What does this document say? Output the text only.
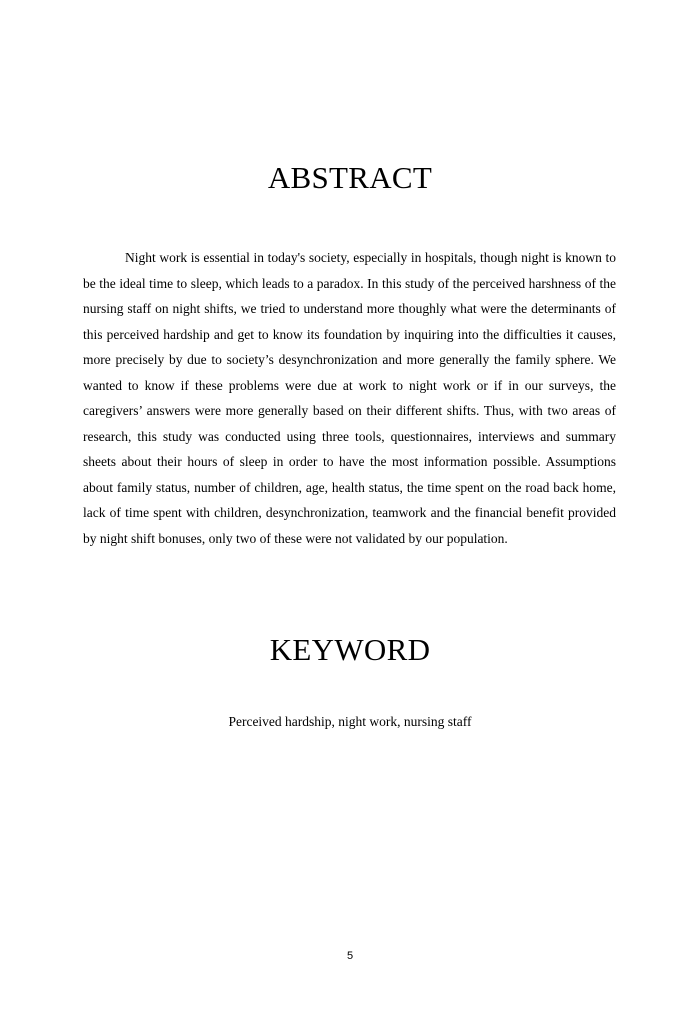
ABSTRACT

Night work is essential in today's society, especially in hospitals, though night is known to be the ideal time to sleep, which leads to a paradox. In this study of the perceived harshness of the nursing staff on night shifts, we tried to understand more thoughly what were the determinants of this perceived hardship and get to know its foundation by inquiring into the difficulties it causes, more precisely by due to society’s desynchronization and more generally the family sphere. We wanted to know if these problems were due at work to night work or if in our surveys, the caregivers’ answers were more generally based on their different shifts. Thus, with two areas of research, this study was conducted using three tools, questionnaires, interviews and summary sheets about their hours of sleep in order to have the most information possible. Assumptions about family status, number of children, age, health status, the time spent on the road back home, lack of time spent with children, desynchronization, teamwork and the financial benefit provided by night shift bonuses, only two of these were not validated by our population.

KEYWORD

Perceived hardship, night work, nursing staff

5
